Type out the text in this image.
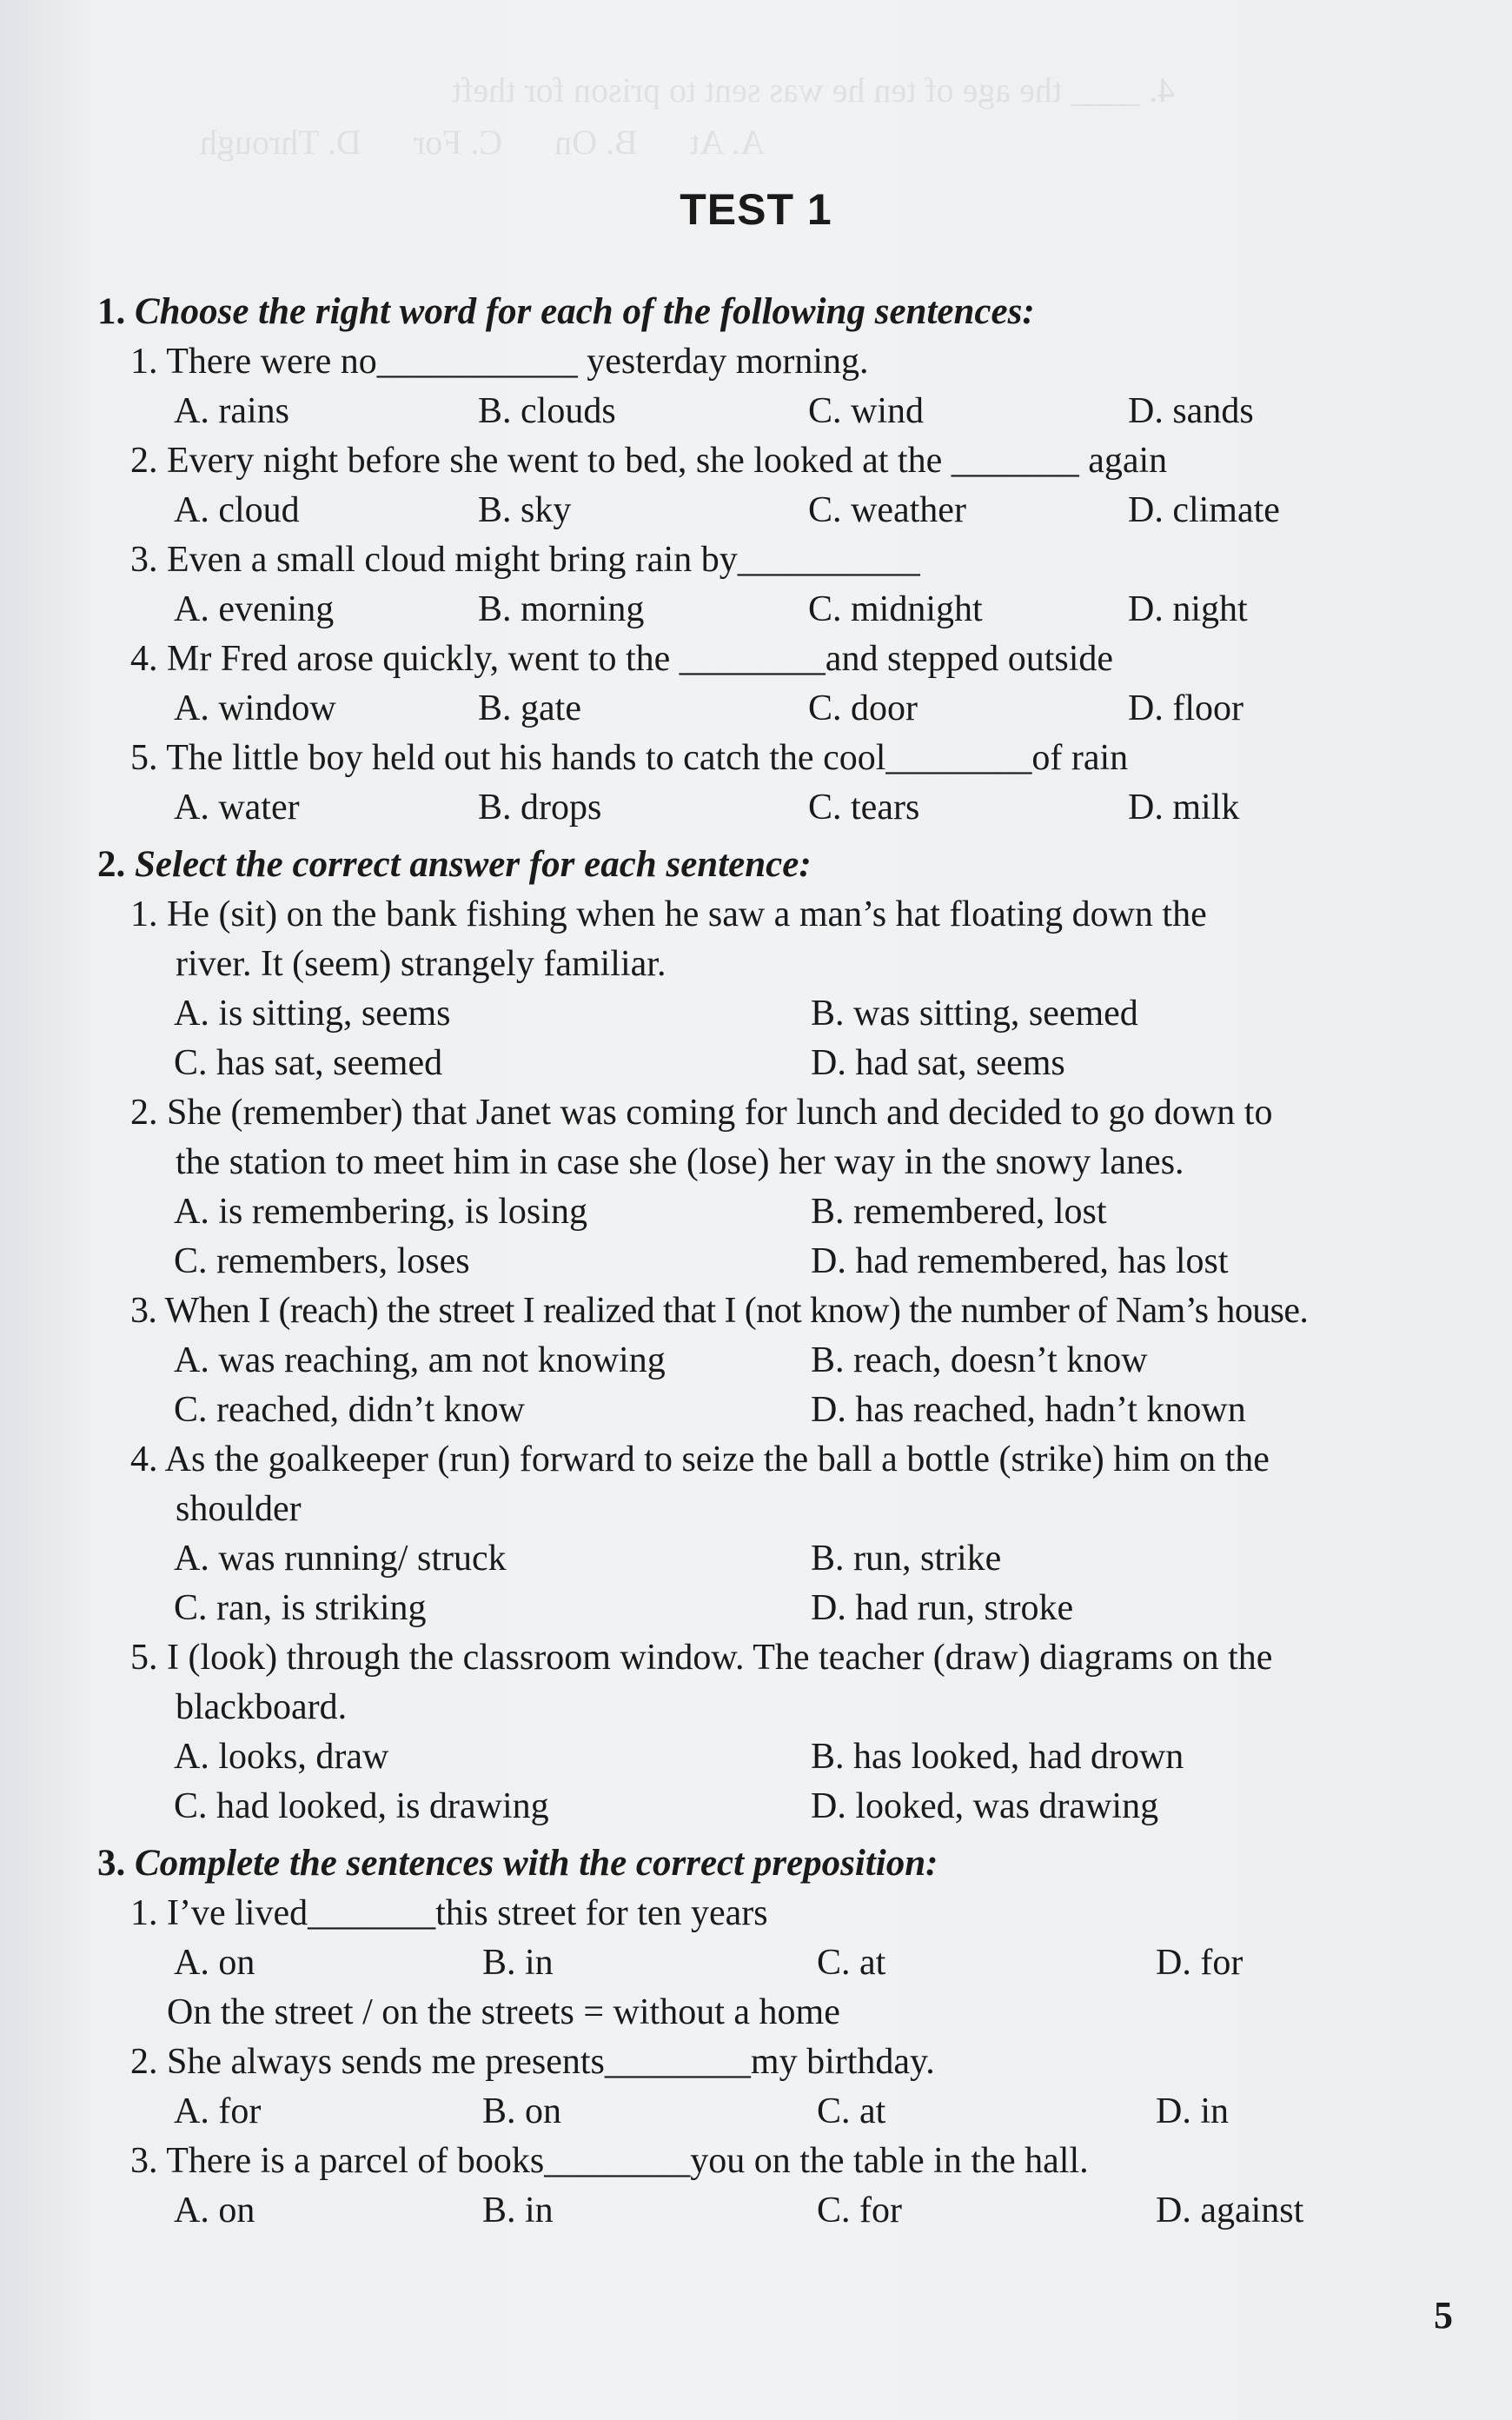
4. ____ the age of ten he was sent to prison for theft
A. At      B. On      C. For      D. Through
TEST 1
1. Choose the right word for each of the following sentences:
1. There were no___________ yesterday morning.
A. rains	B. clouds	C. wind	D. sands
2. Every night before she went to bed, she looked at the _______ again
A. cloud	B. sky	C. weather	D. climate
3. Even a small cloud might bring rain by__________
A. evening	B. morning	C. midnight	D. night
4. Mr Fred arose quickly, went to the ________and stepped outside
A. window	B. gate	C. door	D. floor
5. The little boy held out his hands to catch the cool________of rain
A. water	B. drops	C. tears	D. milk
2. Select the correct answer for each sentence:
1. He (sit) on the bank fishing when he saw a man’s hat floating down the
river. It (seem) strangely familiar.
A. is sitting, seems	B. was sitting, seemed
C. has sat, seemed	D. had sat, seems
2. She (remember) that Janet was coming for lunch and decided to go down to
the station to meet him in case she (lose) her way in the snowy lanes.
A. is remembering, is losing	B. remembered, lost
C. remembers, loses	D. had remembered, has lost
3. When I (reach) the street I realized that I (not know) the number of Nam’s house.
A. was reaching, am not knowing	B. reach, doesn’t know
C. reached, didn’t know	D. has reached, hadn’t known
4. As the goalkeeper (run) forward to seize the ball a bottle (strike) him on the
shoulder
A. was running/ struck	B. run, strike
C. ran, is striking	D. had run, stroke
5. I (look) through the classroom window. The teacher (draw) diagrams on the
blackboard.
A. looks, draw	B. has looked, had drown
C. had looked, is drawing	D. looked, was drawing
3. Complete the sentences with the correct preposition:
1. I’ve lived_______this street for ten years
A. on	B. in	C. at	D. for
On the street / on the streets = without a home
2. She always sends me presents________my birthday.
A. for	B. on	C. at	D. in
3. There is a parcel of books________you on the table in the hall.
A. on	B. in	C. for	D. against
5
